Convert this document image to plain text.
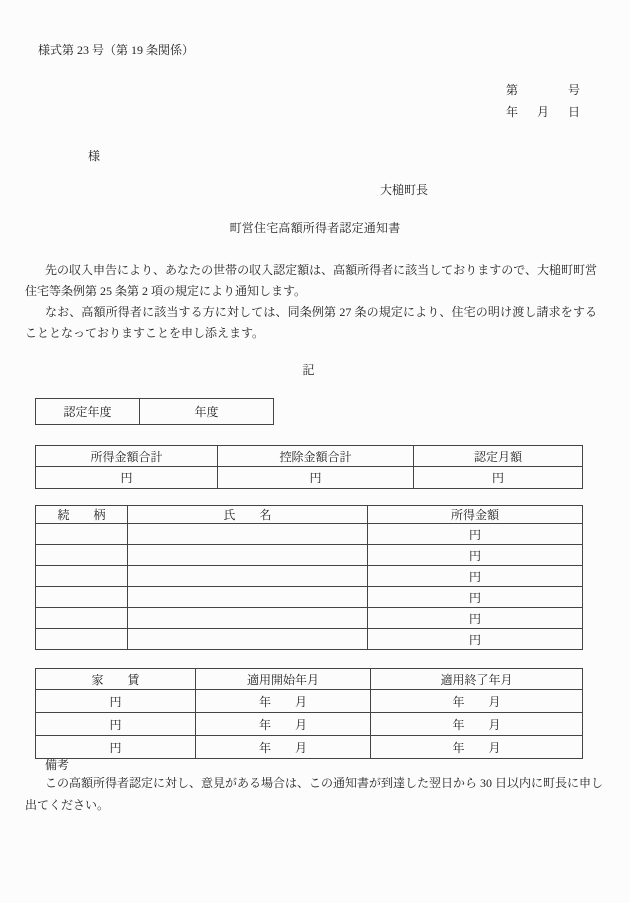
様式第 23 号（第 19 条関係）
第	号
年 月 日
様
大槌町長
町営住宅高額所得者認定通知書

先の収入申告により、あなたの世帯の収入認定額は、高額所得者に該当しておりますので、大槌町町営住宅等条例第 25 条第 2 項の規定により通知します。

なお、高額所得者に該当する方に対しては、同条例第 27 条の規定により、住宅の明け渡し請求をすることとなっておりますことを申し添えます。

記
認定年度	年度
所得金額合計	控除金額合計	認定月額
円	円	円
続　　柄	氏　　名	所得金額
		円
		円
		円
		円
		円
		円
家　　賃	適用開始年月	適用終了年月
円	年　　月	年　　月
円	年　　月	年　　月
円	年　　月	年　　月
備考

この高額所得者認定に対し、意見がある場合は、この通知書が到達した翌日から 30 日以内に町長に申し出てください。
